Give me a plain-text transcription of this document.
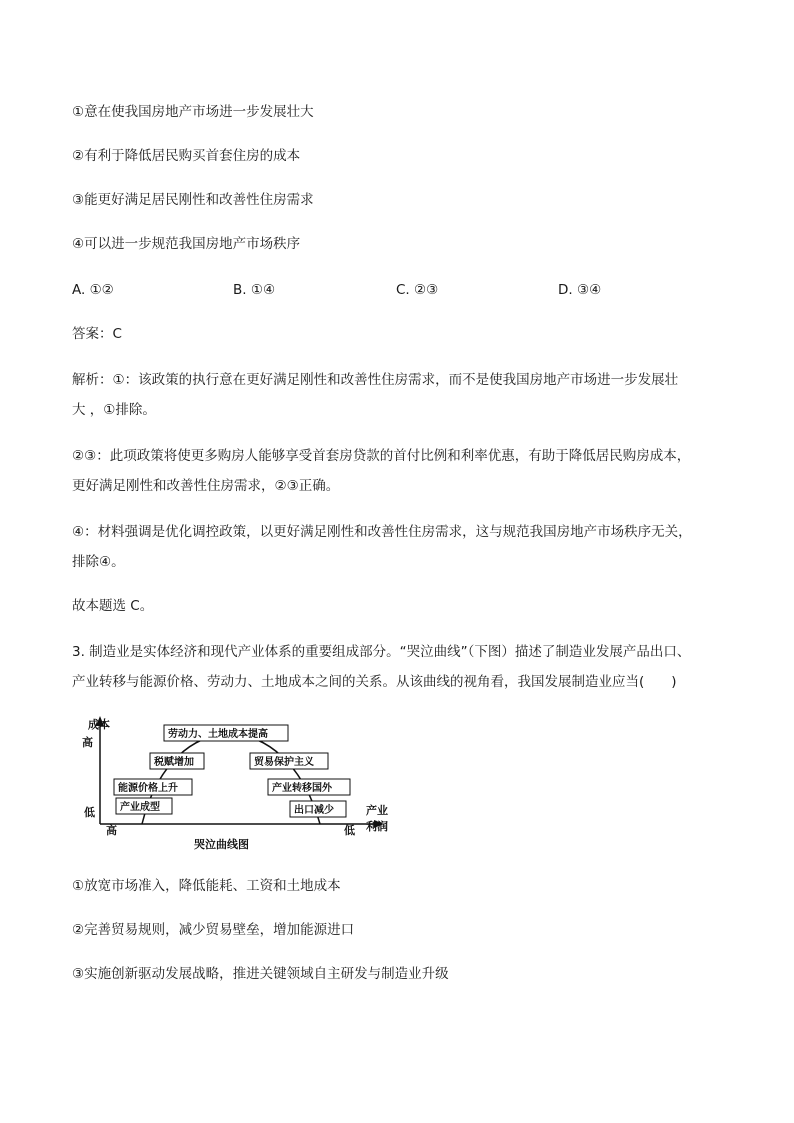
①意在使我国房地产市场进一步发展壮大
②有利于降低居民购买首套住房的成本
③能更好满足居民刚性和改善性住房需求
④可以进一步规范我国房地产市场秩序
A. ①②	B. ①④	C. ②③	D. ③④
答案：C
解析：①：该政策的执行意在更好满足刚性和改善性住房需求，而不是使我国房地产市场进一步发展壮
大 ，①排除。
②③：此项政策将使更多购房人能够享受首套房贷款的首付比例和利率优惠，有助于降低居民购房成本，
更好满足刚性和改善性住房需求，②③正确。
④：材料强调是优化调控政策，以更好满足刚性和改善性住房需求，这与规范我国房地产市场秩序无关，
排除④。
故本题选 C。
3. 制造业是实体经济和现代产业体系的重要组成部分。“哭泣曲线”（下图）描述了制造业发展产品出口、
产业转移与能源价格、劳动力、土地成本之间的关系。从该曲线的视角看，我国发展制造业应当(　　)
成本
高
低	产业
利润
高	低
劳动力、土地成本提高
税赋增加	贸易保护主义
能源价格上升	产业转移国外
产业成型	出口减少
哭泣曲线图
①放宽市场准入，降低能耗、工资和土地成本
②完善贸易规则，减少贸易壁垒，增加能源进口
③实施创新驱动发展战略，推进关键领域自主研发与制造业升级
